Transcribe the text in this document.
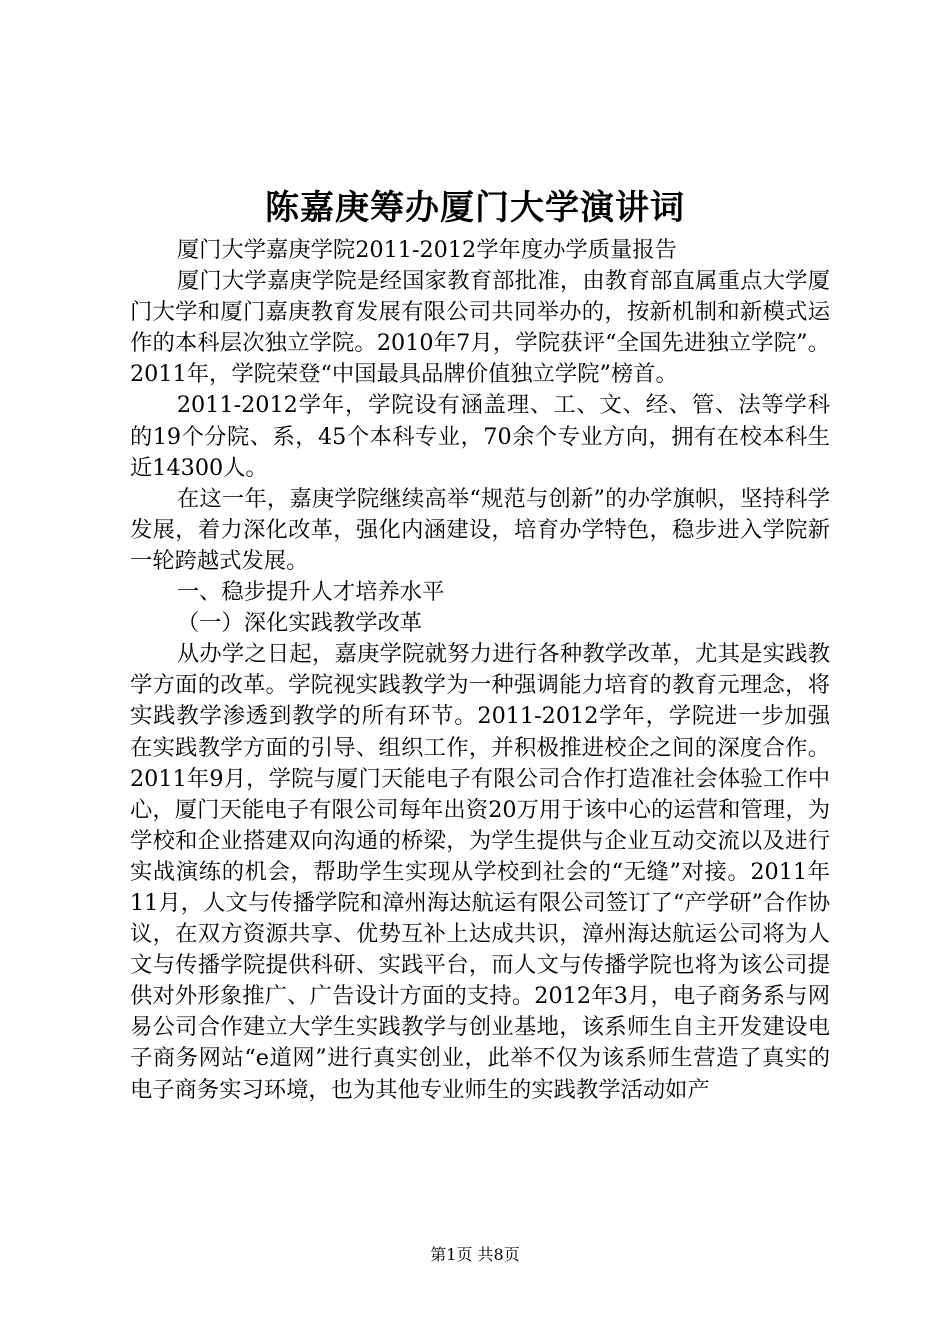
陈嘉庚筹办厦门大学演讲词

厦门大学嘉庚学院2011-2012学年度办学质量报告

厦门大学嘉庚学院是经国家教育部批准，由教育部直属重点大学厦门大学和厦门嘉庚教育发展有限公司共同举办的，按新机制和新模式运作的本科层次独立学院。2010年7月，学院获评“全国先进独立学院”。2011年，学院荣登“中国最具品牌价值独立学院”榜首。

2011-2012学年，学院设有涵盖理、工、文、经、管、法等学科的19个分院、系，45个本科专业，70余个专业方向，拥有在校本科生近14300人。

在这一年，嘉庚学院继续高举“规范与创新”的办学旗帜，坚持科学发展，着力深化改革，强化内涵建设，培育办学特色，稳步进入学院新一轮跨越式发展。

一、稳步提升人才培养水平

（一）深化实践教学改革

从办学之日起，嘉庚学院就努力进行各种教学改革，尤其是实践教学方面的改革。学院视实践教学为一种强调能力培育的教育元理念，将实践教学渗透到教学的所有环节。2011-2012学年，学院进一步加强在实践教学方面的引导、组织工作，并积极推进校企之间的深度合作。2011年9月，学院与厦门天能电子有限公司合作打造准社会体验工作中心，厦门天能电子有限公司每年出资20万用于该中心的运营和管理，为学校和企业搭建双向沟通的桥梁，为学生提供与企业互动交流以及进行实战演练的机会，帮助学生实现从学校到社会的“无缝”对接。2011年11月，人文与传播学院和漳州海达航运有限公司签订了“产学研”合作协议，在双方资源共享、优势互补上达成共识，漳州海达航运公司将为人文与传播学院提供科研、实践平台，而人文与传播学院也将为该公司提供对外形象推广、广告设计方面的支持。2012年3月，电子商务系与网易公司合作建立大学生实践教学与创业基地，该系师生自主开发建设电子商务网站“e道网”进行真实创业，此举不仅为该系师生营造了真实的电子商务实习环境，也为其他专业师生的实践教学活动如产

第1页 共8页
